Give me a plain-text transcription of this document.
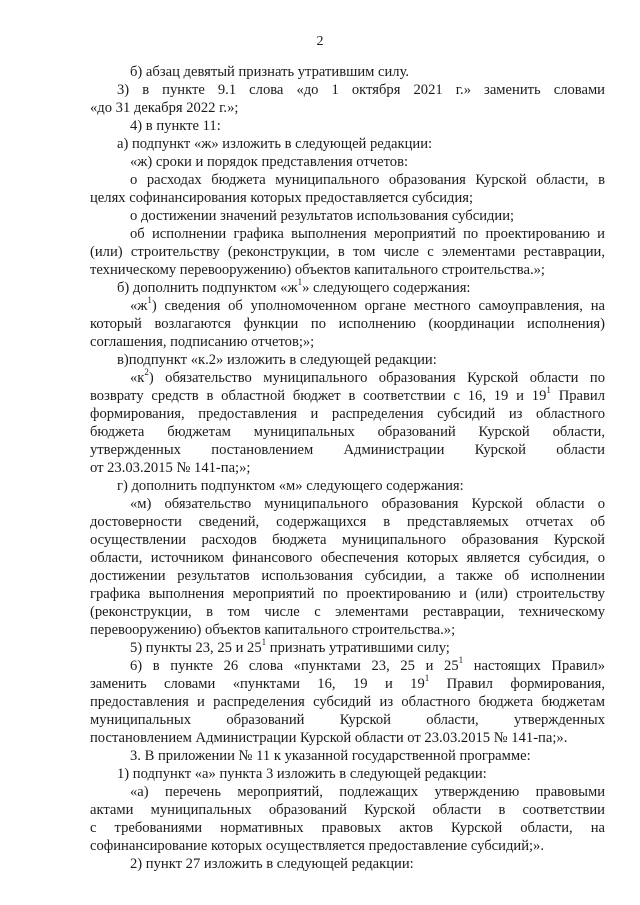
2
б) абзац девятый признать утратившим силу.
3) в пункте 9.1 слова «до 1 октября 2021 г.» заменить словами
«до 31 декабря 2022 г.»;
4) в пункте 11:
а) подпункт «ж» изложить в следующей редакции:
«ж) сроки и порядок представления отчетов:
о расходах бюджета муниципального образования Курской области, в
целях софинансирования которых предоставляется субсидия;
о достижении значений результатов использования субсидии;
об исполнении графика выполнения мероприятий по проектированию и
(или) строительству (реконструкции, в том числе с элементами реставрации,
техническому перевооружению) объектов капитального строительства.»;
б) дополнить подпунктом «$ж^1$» следующего содержания:
«$ж^1$) сведения об уполномоченном органе местного самоуправления, на
который возлагаются функции по исполнению (координации исполнения)
соглашения, подписанию отчетов;»;
в)подпункт «к.2» изложить в следующей редакции:
«$к^2$) обязательство муниципального образования Курской области по
возврату средств в областной бюджет в соответствии с 16, 19 и $19^1$ Правил
формирования, предоставления и распределения субсидий из областного
бюджета бюджетам муниципальных образований Курской области,
утвержденных постановлением Администрации Курской области
от 23.03.2015 № 141-па;»;
г) дополнить подпунктом «м» следующего содержания:
«м) обязательство муниципального образования Курской области о
достоверности сведений, содержащихся в представляемых отчетах об
осуществлении расходов бюджета муниципального образования Курской
области, источником финансового обеспечения которых является субсидия, о
достижении результатов использования субсидии, а также об исполнении
графика выполнения мероприятий по проектированию и (или) строительству
(реконструкции, в том числе с элементами реставрации, техническому
перевооружению) объектов капитального строительства.»;
5) пункты 23, 25 и $25^1$ признать утратившими силу;
6) в пункте 26 слова «пунктами 23, 25 и $25^1$ настоящих Правил»
заменить словами «пунктами 16, 19 и $19^1$ Правил формирования,
предоставления и распределения субсидий из областного бюджета бюджетам
муниципальных образований Курской области, утвержденных
постановлением Администрации Курской области от 23.03.2015 № 141-па;».
3. В приложении № 11 к указанной государственной программе:
1) подпункт «а» пункта 3 изложить в следующей редакции:
«а) перечень мероприятий, подлежащих утверждению правовыми
актами муниципальных образований Курской области в соответствии
с требованиями нормативных правовых актов Курской области, на
софинансирование которых осуществляется предоставление субсидий;».
2) пункт 27 изложить в следующей редакции:
